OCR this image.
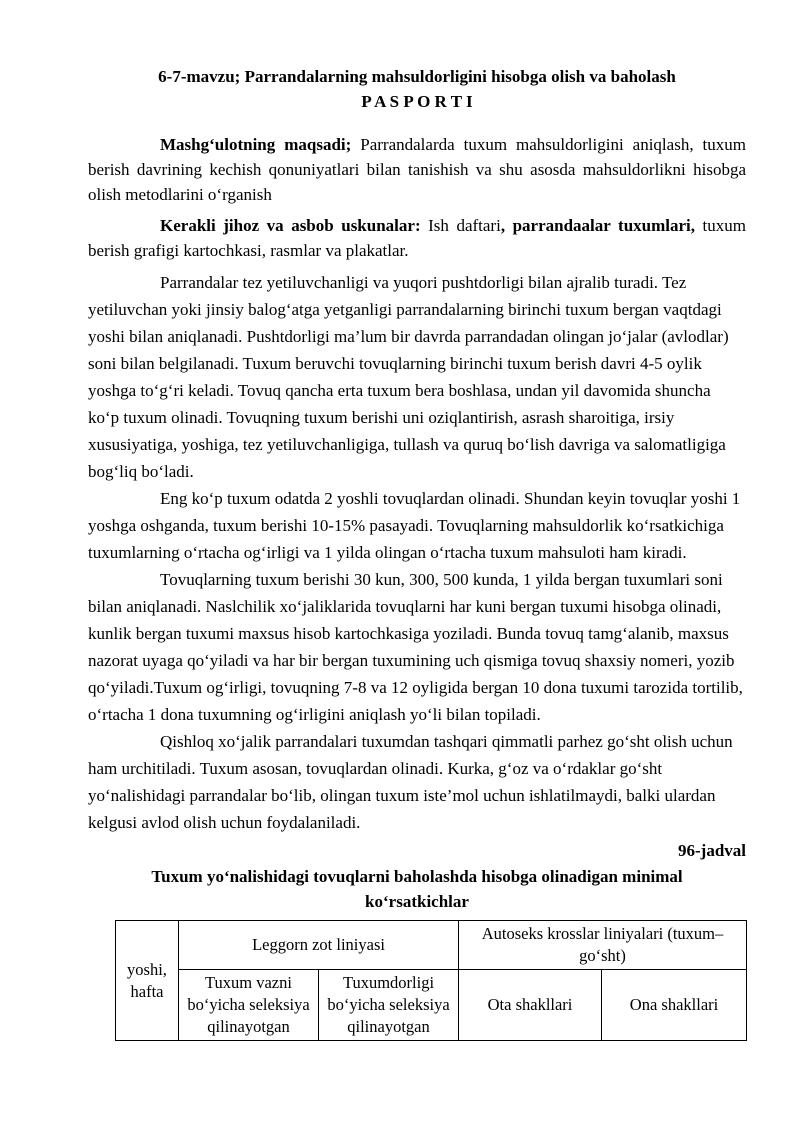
6-7-mavzu; Parrandalarning mahsuldorligini hisobga olish va baholash
P A S P O R T I

Mashg‘ulotning maqsadi; Parrandalarda tuxum mahsuldorligini aniqlash, tuxum berish davrining kechish qonuniyatlari bilan tanishish va shu asosda mahsuldorlikni hisobga olish metodlarini o‘rganish

Kerakli jihoz va asbob uskunalar: Ish daftari, parrandaalar tuxumlari, tuxum berish grafigi kartochkasi, rasmlar va plakatlar.

Parrandalar tez yetiluvchanligi va yuqori pushtdorligi bilan ajralib turadi. Tez yetiluvchan yoki jinsiy balog‘atga yetganligi parrandalarning birinchi tuxum bergan vaqtdagi yoshi bilan aniqlanadi. Pushtdorligi ma’lum bir davrda parrandadan olingan jo‘jalar (avlodlar) soni bilan belgilanadi. Tuxum beruvchi tovuqlarning birinchi tuxum berish davri 4-5 oylik yoshga to‘g‘ri keladi. Tovuq qancha erta tuxum bera boshlasa, undan yil davomida shuncha ko‘p tuxum olinadi. Tovuqning tuxum berishi uni oziqlantirish, asrash sharoitiga, irsiy xususiyatiga, yoshiga, tez yetiluvchanligiga, tullash va quruq bo‘lish davriga va salomatligiga bog‘liq bo‘ladi.

Eng ko‘p tuxum odatda 2 yoshli tovuqlardan olinadi. Shundan keyin tovuqlar yoshi 1 yoshga oshganda, tuxum berishi 10-15% pasayadi. Tovuqlarning mahsuldorlik ko‘rsatkichiga tuxumlarning o‘rtacha og‘irligi va 1 yilda olingan o‘rtacha tuxum mahsuloti ham kiradi.

Tovuqlarning tuxum berishi 30 kun, 300, 500 kunda, 1 yilda bergan tuxumlari soni bilan aniqlanadi. Naslchilik xo‘jaliklarida tovuqlarni har kuni bergan tuxumi hisobga olinadi, kunlik bergan tuxumi maxsus hisob kartochkasiga yoziladi. Bunda tovuq tamg‘alanib, maxsus nazorat uyaga qo‘yiladi va har bir bergan tuxumining uch qismiga tovuq shaxsiy nomeri, yozib qo‘yiladi.Tuxum og‘irligi, tovuqning 7-8 va 12 oyligida bergan 10 dona tuxumi tarozida tortilib, o‘rtacha 1 dona tuxumning og‘irligini aniqlash yo‘li bilan topiladi.

Qishloq xo‘jalik parrandalari tuxumdan tashqari qimmatli parhez go‘sht olish uchun ham urchitiladi. Tuxum asosan, tovuqlardan olinadi. Kurka, g‘oz va o‘rdaklar go‘sht yo‘nalishidagi parrandalar bo‘lib, olingan tuxum iste’mol uchun ishlatilmaydi, balki ulardan kelgusi avlod olish uchun foydalaniladi.

96-jadval
Tuxum yo‘nalishidagi tovuqlarni baholashda hisobga olinadigan minimal ko‘rsatkichlar
yoshi, hafta	Leggorn zot liniyasi		Autoseks krosslar liniyalari (tuxum–go‘sht)	
	Tuxum vazni bo‘yicha seleksiya qilinayotgan	Tuxumdorligi bo‘yicha seleksiya qilinayotgan	Ota shakllari	Ona shakllari
